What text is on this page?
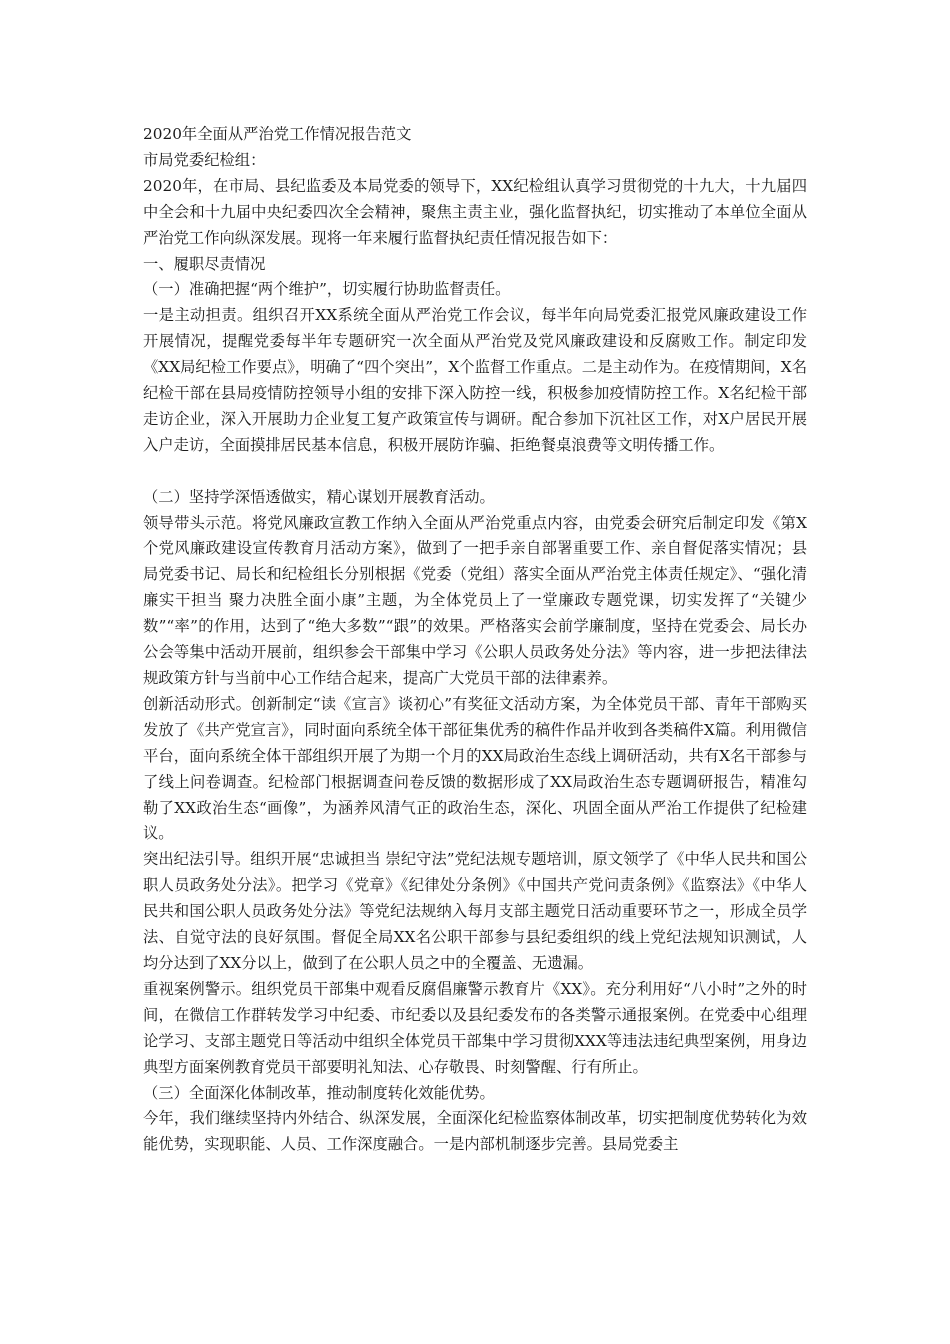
2020年全面从严治党工作情况报告范文

市局党委纪检组：

2020年，在市局、县纪监委及本局党委的领导下，XX纪检组认真学习贯彻党的十九大，十九届四中全会和十九届中央纪委四次全会精神，聚焦主责主业，强化监督执纪，切实推动了本单位全面从严治党工作向纵深发展。现将一年来履行监督执纪责任情况报告如下：

一、履职尽责情况

（一）准确把握“两个维护”，切实履行协助监督责任。

一是主动担责。组织召开XX系统全面从严治党工作会议，每半年向局党委汇报党风廉政建设工作开展情况，提醒党委每半年专题研究一次全面从严治党及党风廉政建设和反腐败工作。制定印发《XX局纪检工作要点》，明确了“四个突出”，X个监督工作重点。二是主动作为。在疫情期间，X名纪检干部在县局疫情防控领导小组的安排下深入防控一线，积极参加疫情防控工作。X名纪检干部走访企业，深入开展助力企业复工复产政策宣传与调研。配合参加下沉社区工作，对X户居民开展入户走访，全面摸排居民基本信息，积极开展防诈骗、拒绝餐桌浪费等文明传播工作。

（二）坚持学深悟透做实，精心谋划开展教育活动。

领导带头示范。将党风廉政宣教工作纳入全面从严治党重点内容，由党委会研究后制定印发《第X个党风廉政建设宣传教育月活动方案》，做到了一把手亲自部署重要工作、亲自督促落实情况；县局党委书记、局长和纪检组长分别根据《党委（党组）落实全面从严治党主体责任规定》、“强化清廉实干担当 聚力决胜全面小康”主题，为全体党员上了一堂廉政专题党课，切实发挥了“关键少数”“率”的作用，达到了“绝大多数”“跟”的效果。严格落实会前学廉制度，坚持在党委会、局长办公会等集中活动开展前，组织参会干部集中学习《公职人员政务处分法》等内容，进一步把法律法规政策方针与当前中心工作结合起来，提高广大党员干部的法律素养。

创新活动形式。创新制定“读《宣言》谈初心”有奖征文活动方案，为全体党员干部、青年干部购买发放了《共产党宣言》，同时面向系统全体干部征集优秀的稿件作品并收到各类稿件X篇。利用微信平台，面向系统全体干部组织开展了为期一个月的XX局政治生态线上调研活动，共有X名干部参与了线上问卷调查。纪检部门根据调查问卷反馈的数据形成了XX局政治生态专题调研报告，精准勾勒了XX政治生态“画像”，为涵养风清气正的政治生态，深化、巩固全面从严治工作提供了纪检建议。

突出纪法引导。组织开展“忠诚担当 崇纪守法”党纪法规专题培训，原文领学了《中华人民共和国公职人员政务处分法》。把学习《党章》《纪律处分条例》《中国共产党问责条例》《监察法》《中华人民共和国公职人员政务处分法》等党纪法规纳入每月支部主题党日活动重要环节之一，形成全员学法、自觉守法的良好氛围。督促全局XX名公职干部参与县纪委组织的线上党纪法规知识测试，人均分达到了XX分以上，做到了在公职人员之中的全覆盖、无遗漏。

重视案例警示。组织党员干部集中观看反腐倡廉警示教育片《XX》。充分利用好“八小时”之外的时间，在微信工作群转发学习中纪委、市纪委以及县纪委发布的各类警示通报案例。在党委中心组理论学习、支部主题党日等活动中组织全体党员干部集中学习贯彻XXX等违法违纪典型案例，用身边典型方面案例教育党员干部要明礼知法、心存敬畏、时刻警醒、行有所止。

（三）全面深化体制改革，推动制度转化效能优势。

今年，我们继续坚持内外结合、纵深发展，全面深化纪检监察体制改革，切实把制度优势转化为效能优势，实现职能、人员、工作深度融合。一是内部机制逐步完善。县局党委主
